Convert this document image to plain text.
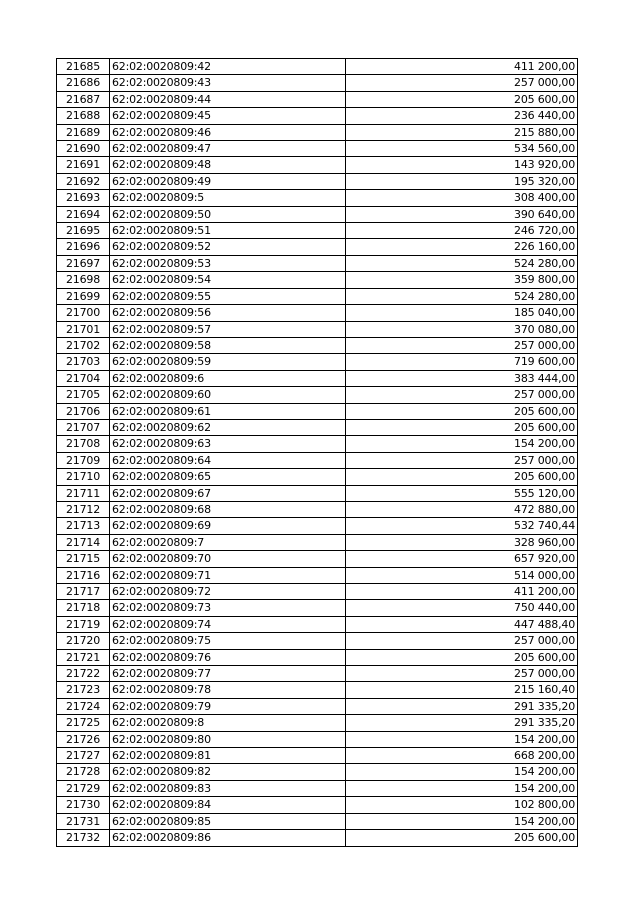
21685	62:02:0020809:42	411 200,00
21686	62:02:0020809:43	257 000,00
21687	62:02:0020809:44	205 600,00
21688	62:02:0020809:45	236 440,00
21689	62:02:0020809:46	215 880,00
21690	62:02:0020809:47	534 560,00
21691	62:02:0020809:48	143 920,00
21692	62:02:0020809:49	195 320,00
21693	62:02:0020809:5	308 400,00
21694	62:02:0020809:50	390 640,00
21695	62:02:0020809:51	246 720,00
21696	62:02:0020809:52	226 160,00
21697	62:02:0020809:53	524 280,00
21698	62:02:0020809:54	359 800,00
21699	62:02:0020809:55	524 280,00
21700	62:02:0020809:56	185 040,00
21701	62:02:0020809:57	370 080,00
21702	62:02:0020809:58	257 000,00
21703	62:02:0020809:59	719 600,00
21704	62:02:0020809:6	383 444,00
21705	62:02:0020809:60	257 000,00
21706	62:02:0020809:61	205 600,00
21707	62:02:0020809:62	205 600,00
21708	62:02:0020809:63	154 200,00
21709	62:02:0020809:64	257 000,00
21710	62:02:0020809:65	205 600,00
21711	62:02:0020809:67	555 120,00
21712	62:02:0020809:68	472 880,00
21713	62:02:0020809:69	532 740,44
21714	62:02:0020809:7	328 960,00
21715	62:02:0020809:70	657 920,00
21716	62:02:0020809:71	514 000,00
21717	62:02:0020809:72	411 200,00
21718	62:02:0020809:73	750 440,00
21719	62:02:0020809:74	447 488,40
21720	62:02:0020809:75	257 000,00
21721	62:02:0020809:76	205 600,00
21722	62:02:0020809:77	257 000,00
21723	62:02:0020809:78	215 160,40
21724	62:02:0020809:79	291 335,20
21725	62:02:0020809:8	291 335,20
21726	62:02:0020809:80	154 200,00
21727	62:02:0020809:81	668 200,00
21728	62:02:0020809:82	154 200,00
21729	62:02:0020809:83	154 200,00
21730	62:02:0020809:84	102 800,00
21731	62:02:0020809:85	154 200,00
21732	62:02:0020809:86	205 600,00
